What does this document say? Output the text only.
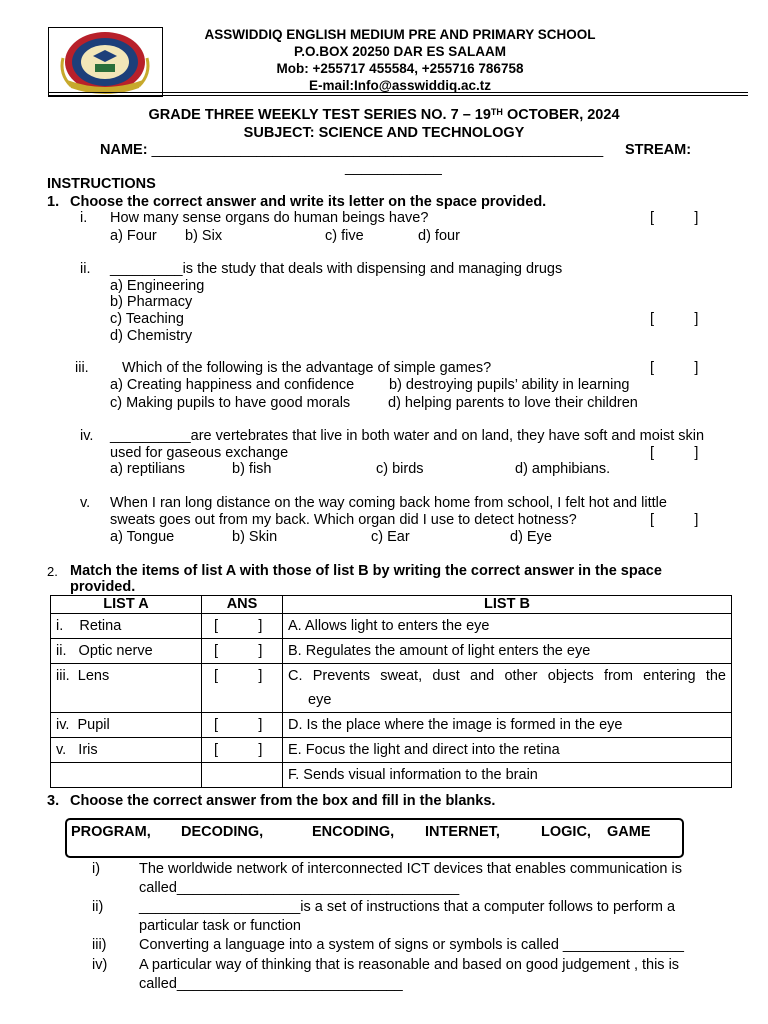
ASSWIDDIQ ENGLISH MEDIUM PRE AND PRIMARY SCHOOL
P.O.BOX 20250 DAR ES SALAAM
Mob: +255717 455584, +255716 786758
E-mail:Info@asswiddiq.ac.tz
GRADE THREE WEEKLY TEST SERIES NO. 7 – 19TH OCTOBER, 2024
SUBJECT: SCIENCE AND TECHNOLOGY
NAME: ________________________________________________________ STREAM:
____________
INSTRUCTIONS
1. Choose the correct answer and write its letter on the space provided.
i. How many sense organs do human beings have?	[          ]
a) Four b) Six	c) five	d) four
ii. _________is the study that deals with dispensing and managing drugs
a) Engineering
b) Pharmacy
c) Teaching	[          ]
d) Chemistry
iii. Which of the following is the advantage of simple games?	[          ]
a) Creating happiness and confidence b) destroying pupils’ ability in learning
c) Making pupils to have good morals	d) helping parents to love their children
iv. __________are vertebrates that live in both water and on land, they have soft and moist skin
used for gaseous exchange	[          ]
a) reptilians	b) fish	c) birds	d) amphibians.
v. When I ran long distance on the way coming back home from school, I felt hot and little
sweats goes out from my back. Which organ did I use to detect hotness?	[          ]
a) Tongue	b) Skin	c) Ear	d) Eye
2. Match the items of list A with those of list B by writing the correct answer in the space
provided.
LIST A	ANS	LIST B
i.    Retina	[          ]	A. Allows light to enters the eye
ii.   Optic nerve	[          ]	B. Regulates the amount of light enters the eye
iii.  Lens	[          ]	C. Prevents sweat, dust and other objects from entering the
eye

iv.  Pupil	[          ]	D. Is the place where the image is formed in the eye
v.   Iris	[          ]	E. Focus the light and direct into the retina
		F. Sends visual information to the brain
3. Choose the correct answer from the box and fill in the blanks.
PROGRAM, DECODING,	ENCODING, INTERNET,	LOGIC, GAME
i)	The worldwide network of interconnected ICT devices that enables communication is
called___________________________________
ii) ____________________is a set of instructions that a computer follows to perform a
particular task or function
iii) Converting a language into a system of signs or symbols is called _______________
iv) A particular way of thinking that is reasonable and based on good judgement , this is
called____________________________
